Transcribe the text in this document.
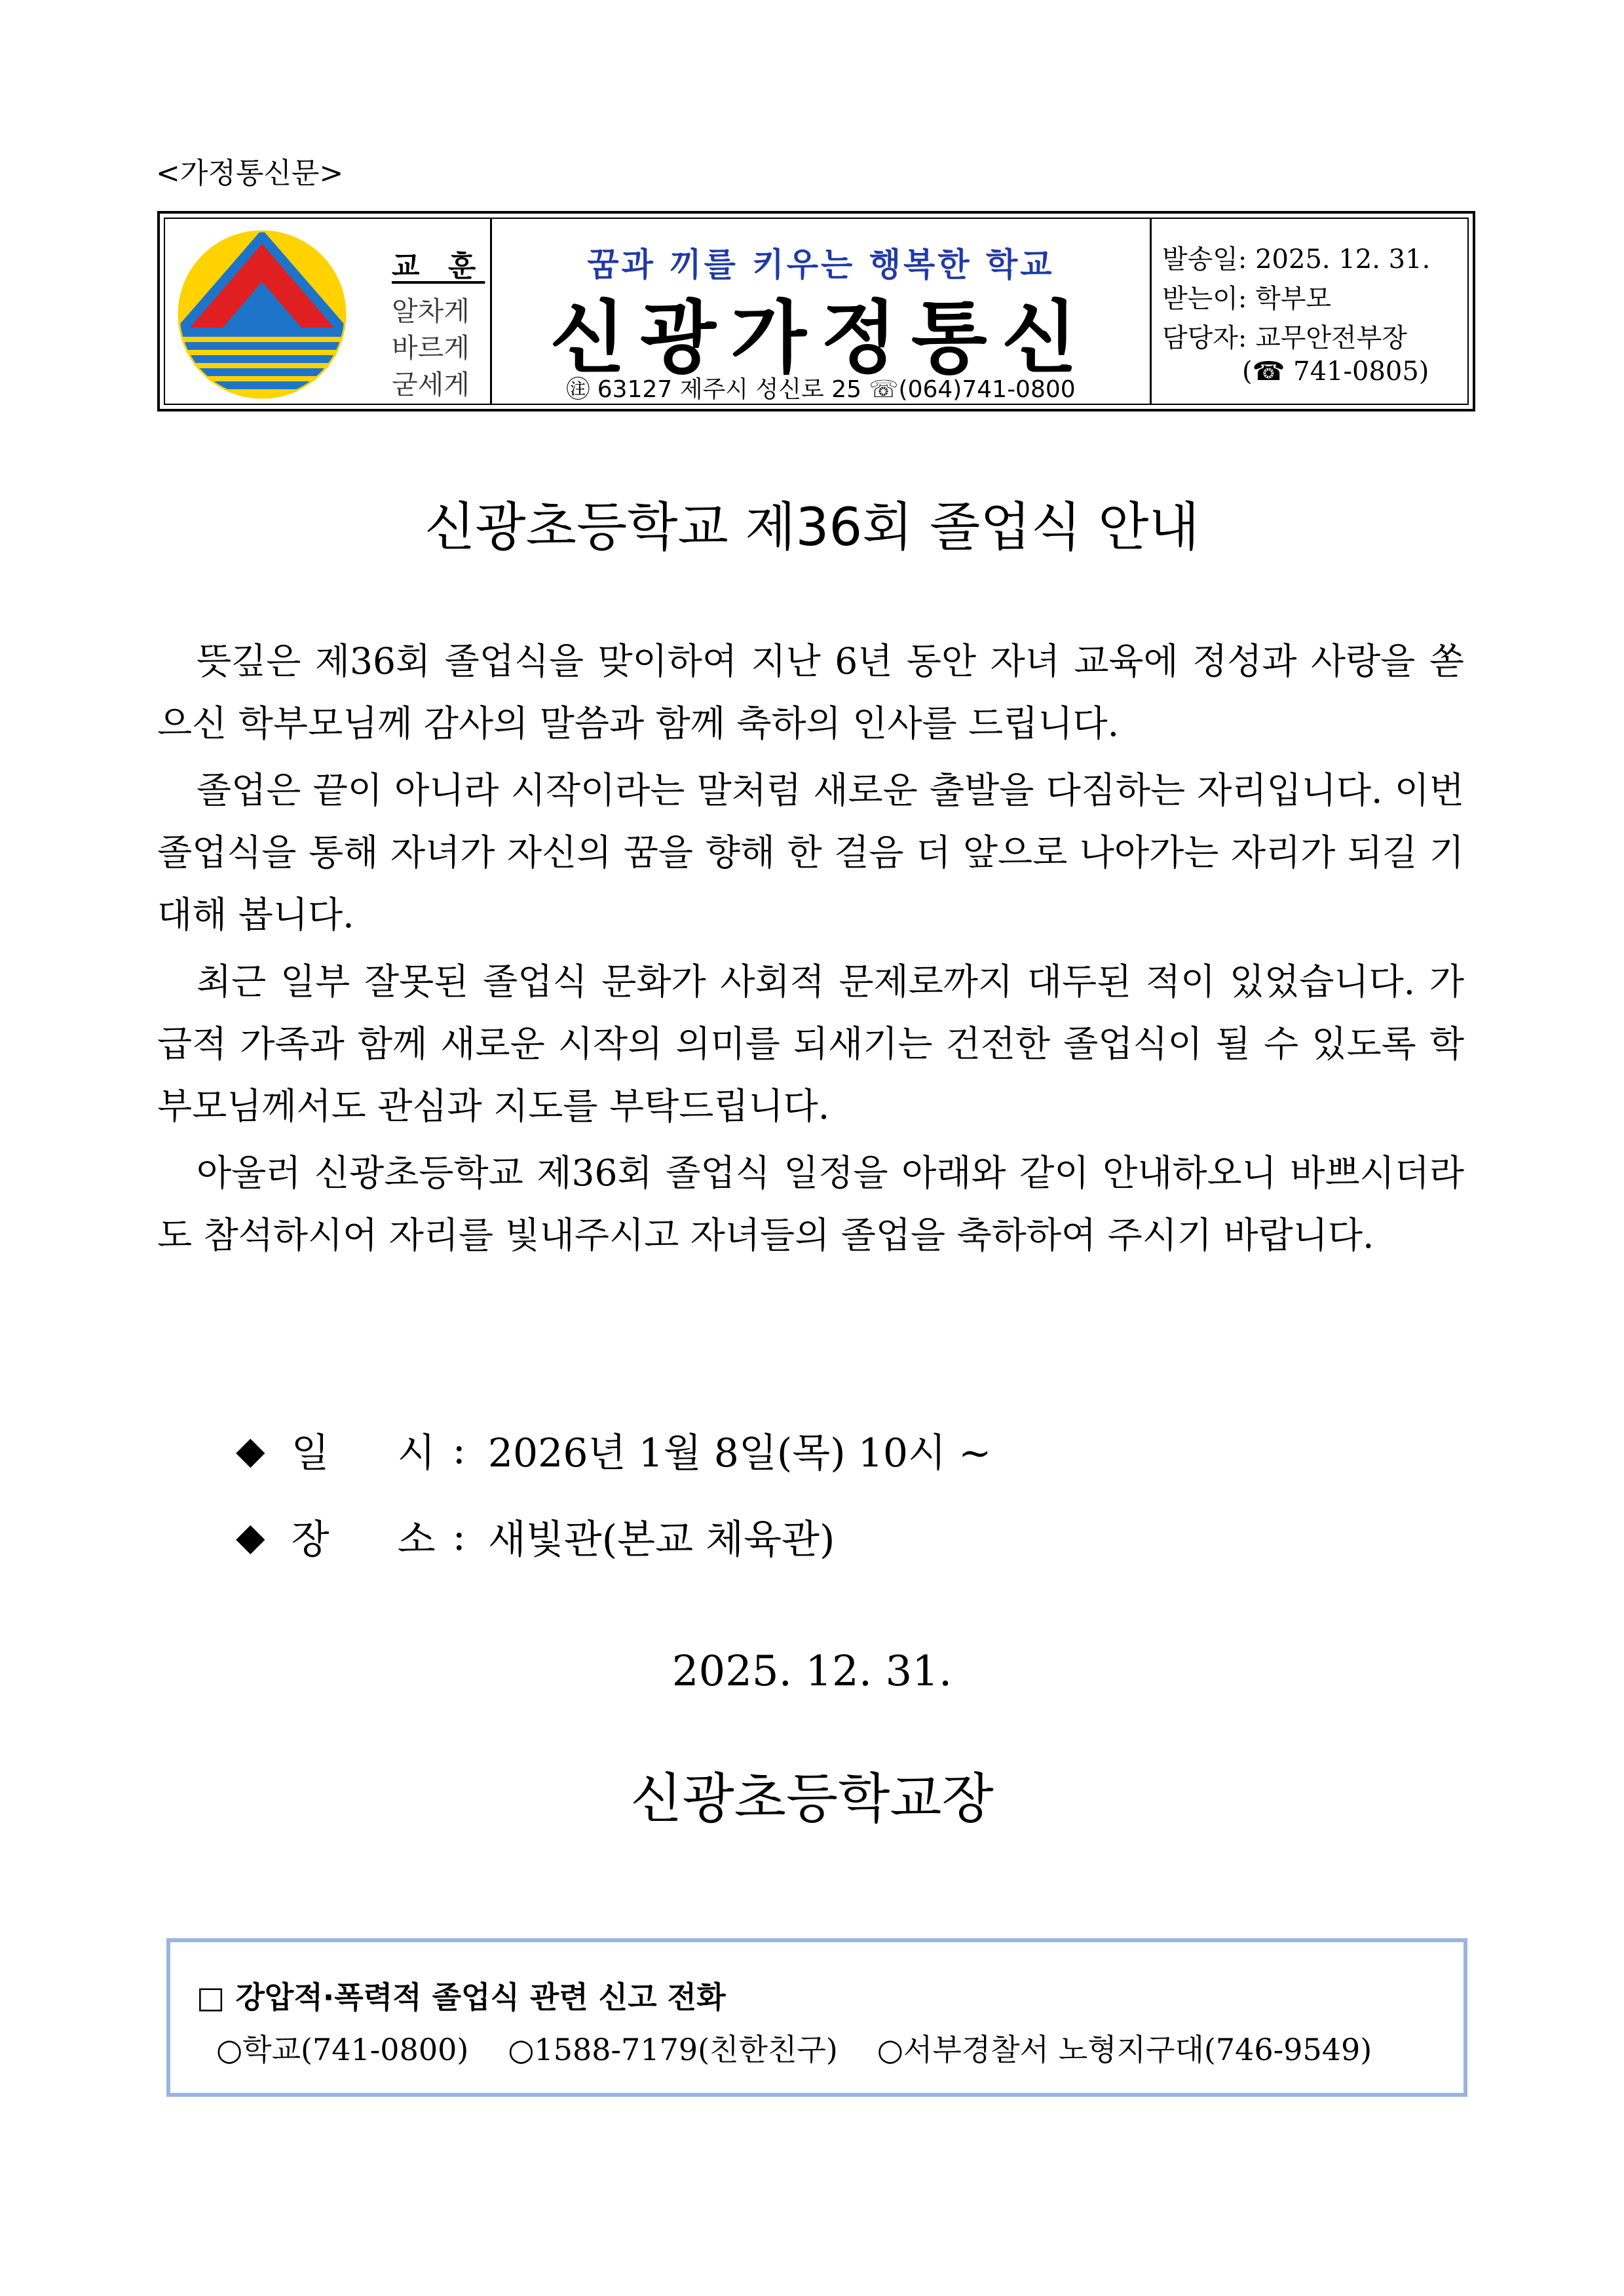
<가정통신문>
교 훈
알차게
바르게
굳세게
꿈과 끼를 키우는 행복한 학교
신광가정통신
㊟ 63127 제주시 성신로 25 ☏(064)741-0800
발송일: 2025. 12. 31.
받는이: 학부모
담당자: 교무안전부장
(☎ 741-0805)
신광초등학교 제36회 졸업식 안내

뜻깊은 제36회 졸업식을 맞이하여 지난 6년 동안 자녀 교육에 정성과 사랑을 쏟으신 학부모님께 감사의 말씀과 함께 축하의 인사를 드립니다.

졸업은 끝이 아니라 시작이라는 말처럼 새로운 출발을 다짐하는 자리입니다. 이번 졸업식을 통해 자녀가 자신의 꿈을 향해 한 걸음 더 앞으로 나아가는 자리가 되길 기대해 봅니다.

최근 일부 잘못된 졸업식 문화가 사회적 문제로까지 대두된 적이 있었습니다. 가급적 가족과 함께 새로운 시작의 의미를 되새기는 건전한 졸업식이 될 수 있도록 학부모님께서도 관심과 지도를 부탁드립니다.

아울러 신광초등학교 제36회 졸업식 일정을 아래와 같이 안내하오니 바쁘시더라도 참석하시어 자리를 빛내주시고 자녀들의 졸업을 축하하여 주시기 바랍니다.

◆ 일 시 : 2026년 1월 8일(목) 10시 ~
◆ 장 소 : 새빛관(본교 체육관)
2025. 12. 31.
신광초등학교장
□ 강압적·폭력적 졸업식 관련 신고 전화
○학교(741-0800) ○1588-7179(친한친구) ○서부경찰서 노형지구대(746-9549)
